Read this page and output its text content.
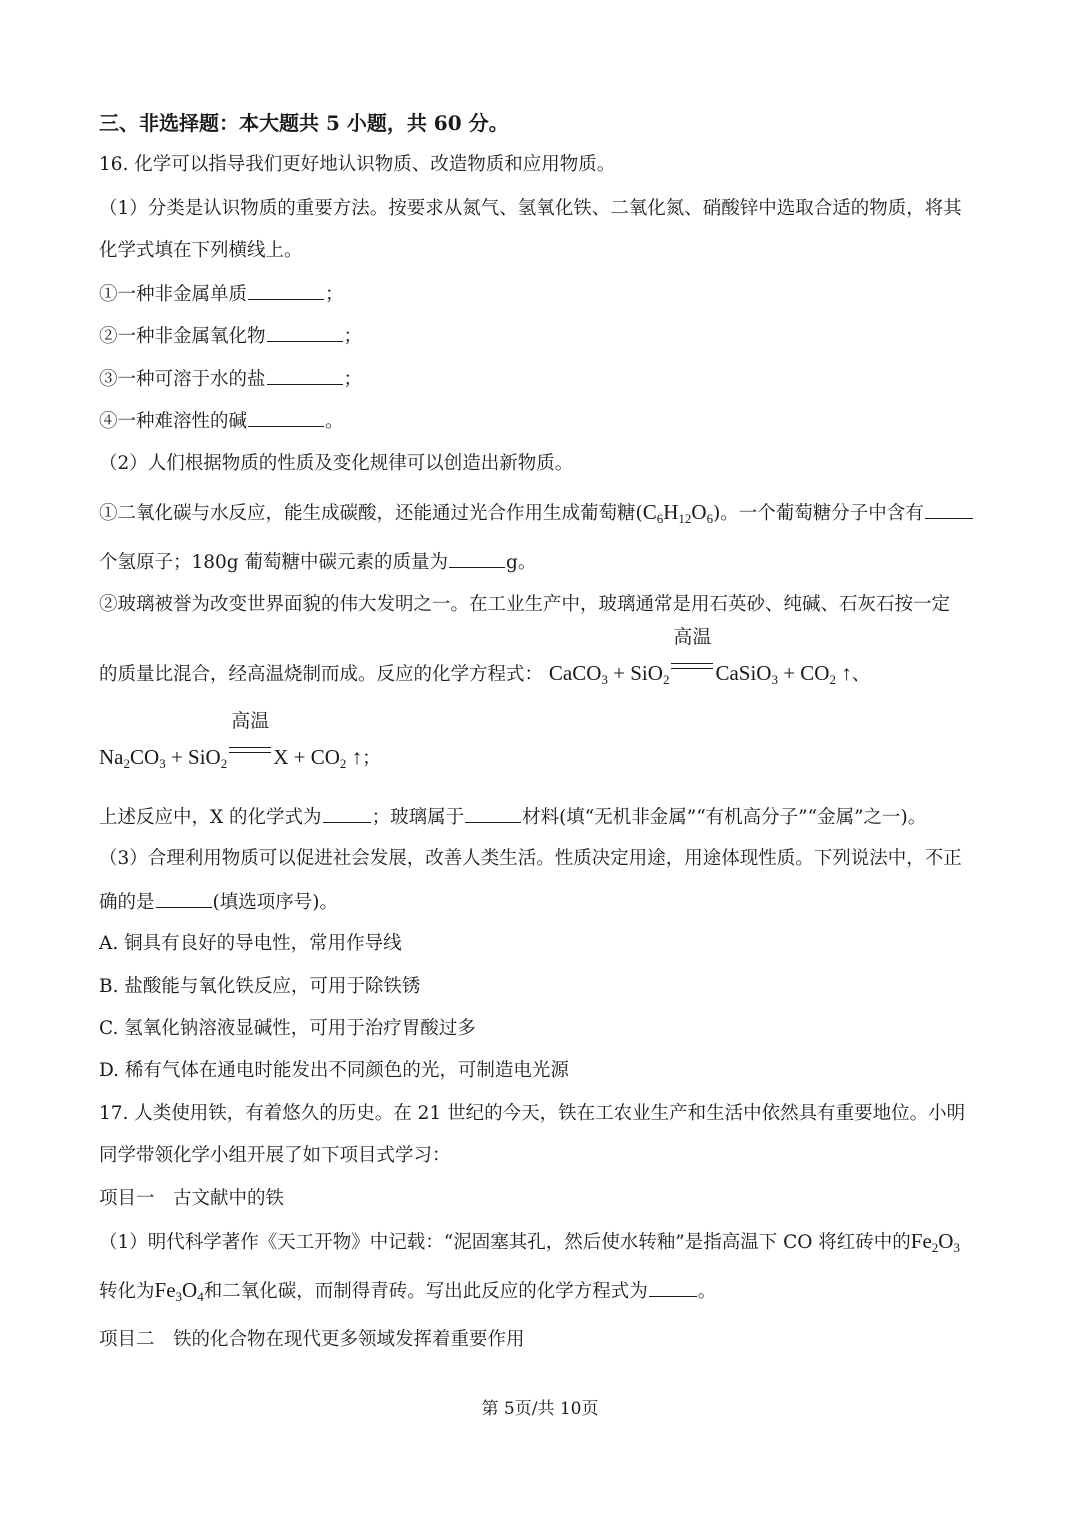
三、非选择题：本大题共 5 小题，共 60 分。
16. 化学可以指导我们更好地认识物质、改造物质和应用物质。
（1）分类是认识物质的重要方法。按要求从氮气、氢氧化铁、二氧化氮、硝酸锌中选取合适的物质，将其
化学式填在下列横线上。
①一种非金属单质	；
②一种非金属氧化物	；
③一种可溶于水的盐	；
④一种难溶性的碱	。
（2）人们根据物质的性质及变化规律可以创造出新物质。
①二氧化碳与水反应，能生成碳酸，还能通过光合作用生成葡萄糖$(C_6H_{12}O_6)$。一个葡萄糖分子中含有
个氢原子；180g 葡萄糖中碳元素的质量为	g。
②玻璃被誉为改变世界面貌的伟大发明之一。在工业生产中，玻璃通常是用石英砂、纯碱、石灰石按一定
的质量比混合，经高温烧制而成。反应的化学方程式： CaCO$_3$ + SiO$_2$
高温
CaSiO$_3$ + $CO_2$ ↑、
$Na_2CO_3 + SiO_2$
高温
$X + CO_2$ ↑；
上述反应中，X 的化学式为	；玻璃属于	材料(填“无机非金属”“有机高分子”“金属”之一)。
（3）合理利用物质可以促进社会发展，改善人类生活。性质决定用途，用途体现性质。下列说法中，不正
确的是	(填选项序号)。
A. 铜具有良好的导电性，常用作导线
B. 盐酸能与氧化铁反应，可用于除铁锈
C. 氢氧化钠溶液显碱性，可用于治疗胃酸过多
D. 稀有气体在通电时能发出不同颜色的光，可制造电光源
17. 人类使用铁，有着悠久的历史。在 21 世纪的今天，铁在工农业生产和生活中依然具有重要地位。小明
同学带领化学小组开展了如下项目式学习：
项目一　古文献中的铁
（1）明代科学著作《天工开物》中记载：“泥固塞其孔，然后使水转釉”是指高温下 CO 将红砖中的$Fe_2O_3$
转化为$Fe_3O_4$和二氧化碳，而制得青砖。写出此反应的化学方程式为	。
项目二　铁的化合物在现代更多领域发挥着重要作用
第 5页/共 10页
